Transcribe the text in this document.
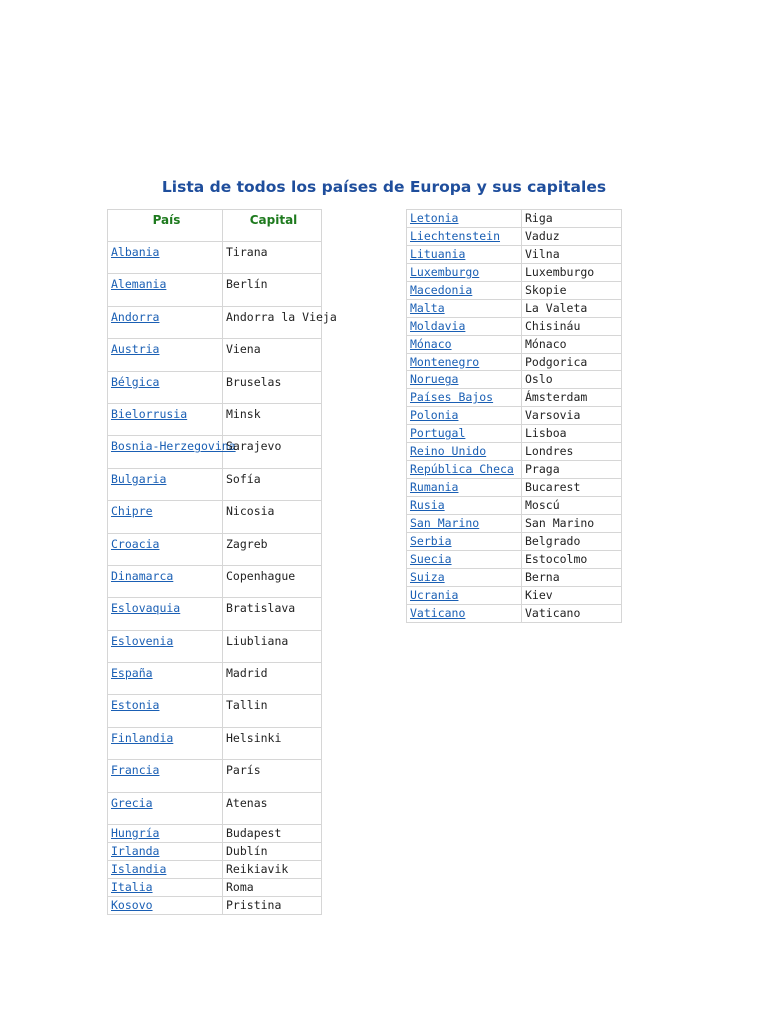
Lista de todos los países de Europa y sus capitales
País	Capital
Albania	Tirana
Alemania	Berlín
Andorra	Andorra la Vieja
Austria	Viena
Bélgica	Bruselas
Bielorrusia	Minsk
Bosnia-Herzegovina	Sarajevo
Bulgaria	Sofía
Chipre	Nicosia
Croacia	Zagreb
Dinamarca	Copenhague
Eslovaquia	Bratislava
Eslovenia	Liubliana
España	Madrid
Estonia	Tallin
Finlandia	Helsinki
Francia	París
Grecia	Atenas
Hungría	Budapest
Irlanda	Dublín
Islandia	Reikiavik
Italia	Roma
Kosovo	Pristina
Letonia	Riga
Liechtenstein	Vaduz
Lituania	Vilna
Luxemburgo	Luxemburgo
Macedonia	Skopie
Malta	La Valeta
Moldavia	Chisináu
Mónaco	Mónaco
Montenegro	Podgorica
Noruega	Oslo
Países Bajos	Ámsterdam
Polonia	Varsovia
Portugal	Lisboa
Reino Unido	Londres
República Checa	Praga
Rumania	Bucarest
Rusia	Moscú
San Marino	San Marino
Serbia	Belgrado
Suecia	Estocolmo
Suiza	Berna
Ucrania	Kiev
Vaticano	Vaticano
